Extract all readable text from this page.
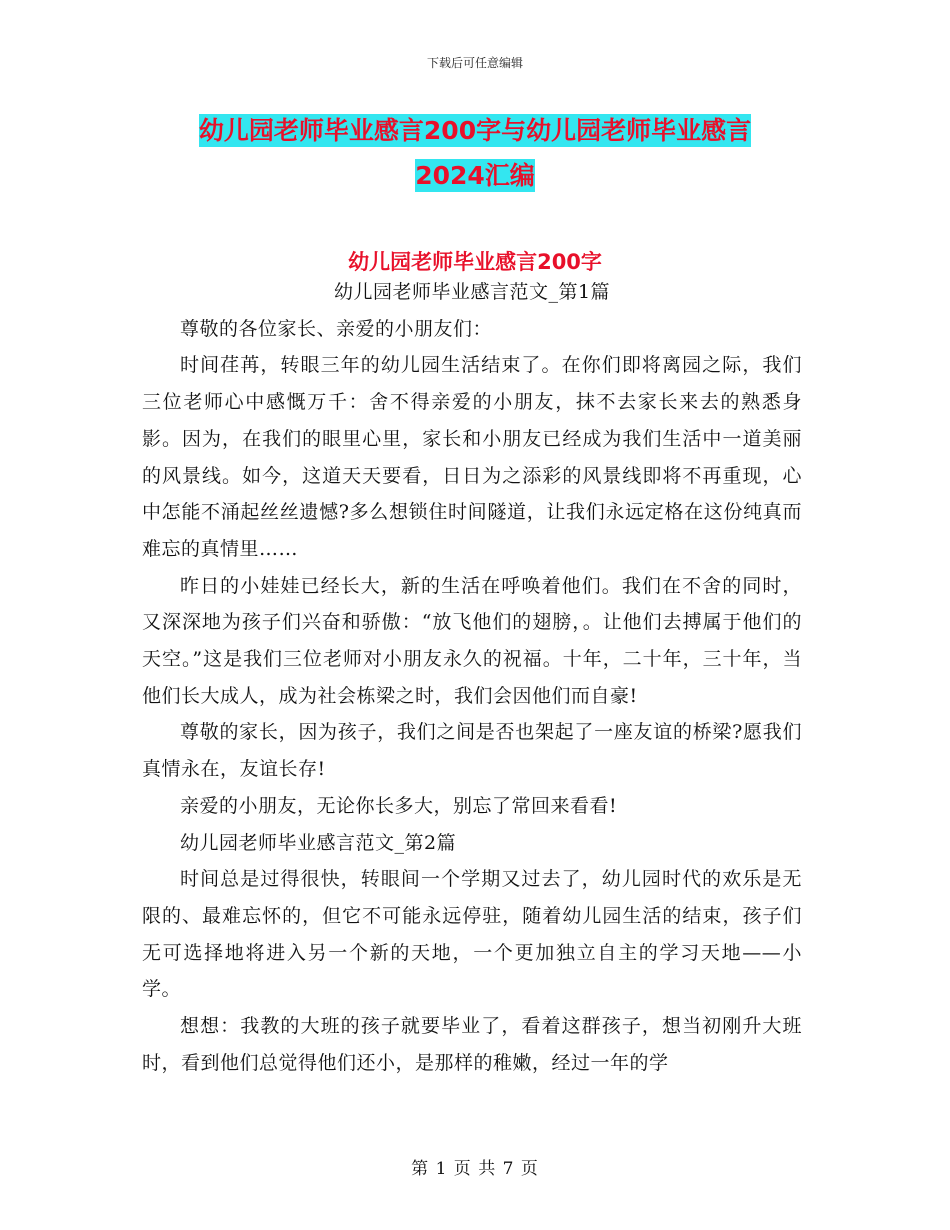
下载后可任意编辑
幼儿园老师毕业感言200字与幼儿园老师毕业感言
2024汇编
幼儿园老师毕业感言200字

幼儿园老师毕业感言范文_第1篇

尊敬的各位家长、亲爱的小朋友们：

时间荏苒，转眼三年的幼儿园生活结束了。在你们即将离园之际，我们三位老师心中感慨万千：舍不得亲爱的小朋友，抹不去家长来去的熟悉身影。因为，在我们的眼里心里，家长和小朋友已经成为我们生活中一道美丽的风景线。如今，这道天天要看，日日为之添彩的风景线即将不再重现，心中怎能不涌起丝丝遗憾?多么想锁住时间隧道，让我们永远定格在这份纯真而难忘的真情里……

昨日的小娃娃已经长大，新的生活在呼唤着他们。我们在不舍的同时，又深深地为孩子们兴奋和骄傲：“放飞他们的翅膀，。让他们去搏属于他们的天空。”这是我们三位老师对小朋友永久的祝福。十年，二十年，三十年，当他们长大成人，成为社会栋梁之时，我们会因他们而自豪!

尊敬的家长，因为孩子，我们之间是否也架起了一座友谊的桥梁?愿我们真情永在，友谊长存!

亲爱的小朋友，无论你长多大，别忘了常回来看看!

幼儿园老师毕业感言范文_第2篇

时间总是过得很快，转眼间一个学期又过去了，幼儿园时代的欢乐是无限的、最难忘怀的，但它不可能永远停驻，随着幼儿园生活的结束，孩子们无可选择地将进入另一个新的天地，一个更加独立自主的学习天地——小学。

想想：我教的大班的孩子就要毕业了，看着这群孩子，想当初刚升大班时，看到他们总觉得他们还小，是那样的稚嫩，经过一年的学

第 1 页 共 7 页
